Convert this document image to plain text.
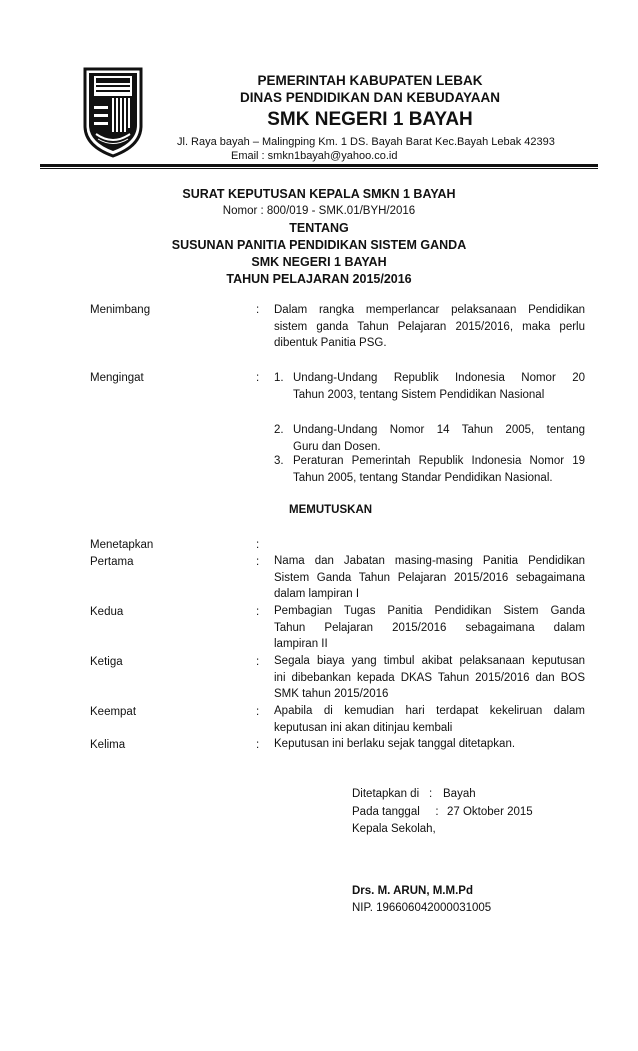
PEMERINTAH KABUPATEN LEBAK
DINAS PENDIDIKAN DAN KEBUDAYAAN
SMK NEGERI 1 BAYAH
Jl. Raya bayah – Malingping Km. 1 DS. Bayah Barat Kec.Bayah Lebak 42393
Email : smkn1bayah@yahoo.co.id
SURAT KEPUTUSAN KEPALA SMKN 1 BAYAH
Nomor : 800/019 - SMK.01/BYH/2016
TENTANG
SUSUNAN PANITIA PENDIDIKAN SISTEM GANDA
SMK NEGERI 1 BAYAH
TAHUN PELAJARAN 2015/2016
Menimbang	: Dalam rangka memperlancar pelaksanaan Pendidikan
sistem ganda Tahun Pelajaran 2015/2016, maka perlu
dibentuk Panitia PSG.
Mengingat	: 1. Undang-Undang Republik Indonesia Nomor 20
Tahun 2003, tentang Sistem Pendidikan Nasional
2. Undang-Undang Nomor 14 Tahun 2005, tentang
Guru dan Dosen.
3. Peraturan Pemerintah Republik Indonesia Nomor 19
Tahun 2005, tentang Standar Pendidikan Nasional.
MEMUTUSKAN
Menetapkan	:
Pertama	: Nama dan Jabatan masing-masing Panitia Pendidikan
Sistem Ganda Tahun Pelajaran 2015/2016 sebagaimana
dalam lampiran I
Kedua	: Pembagian Tugas Panitia Pendidikan Sistem Ganda
Tahun Pelajaran 2015/2016 sebagaimana dalam
lampiran II
Ketiga	: Segala biaya yang timbul akibat pelaksanaan keputusan
ini dibebankan kepada DKAS Tahun 2015/2016 dan BOS
SMK tahun 2015/2016
Keempat	: Apabila di kemudian hari terdapat kekeliruan dalam
keputusan ini akan ditinjau kembali
Kelima	: Keputusan ini berlaku sejak tanggal ditetapkan.
Ditetapkan di : Bayah
Pada tanggal : 27 Oktober 2015
Kepala Sekolah,
Drs. M. ARUN, M.M.Pd
NIP. 196606042000031005
